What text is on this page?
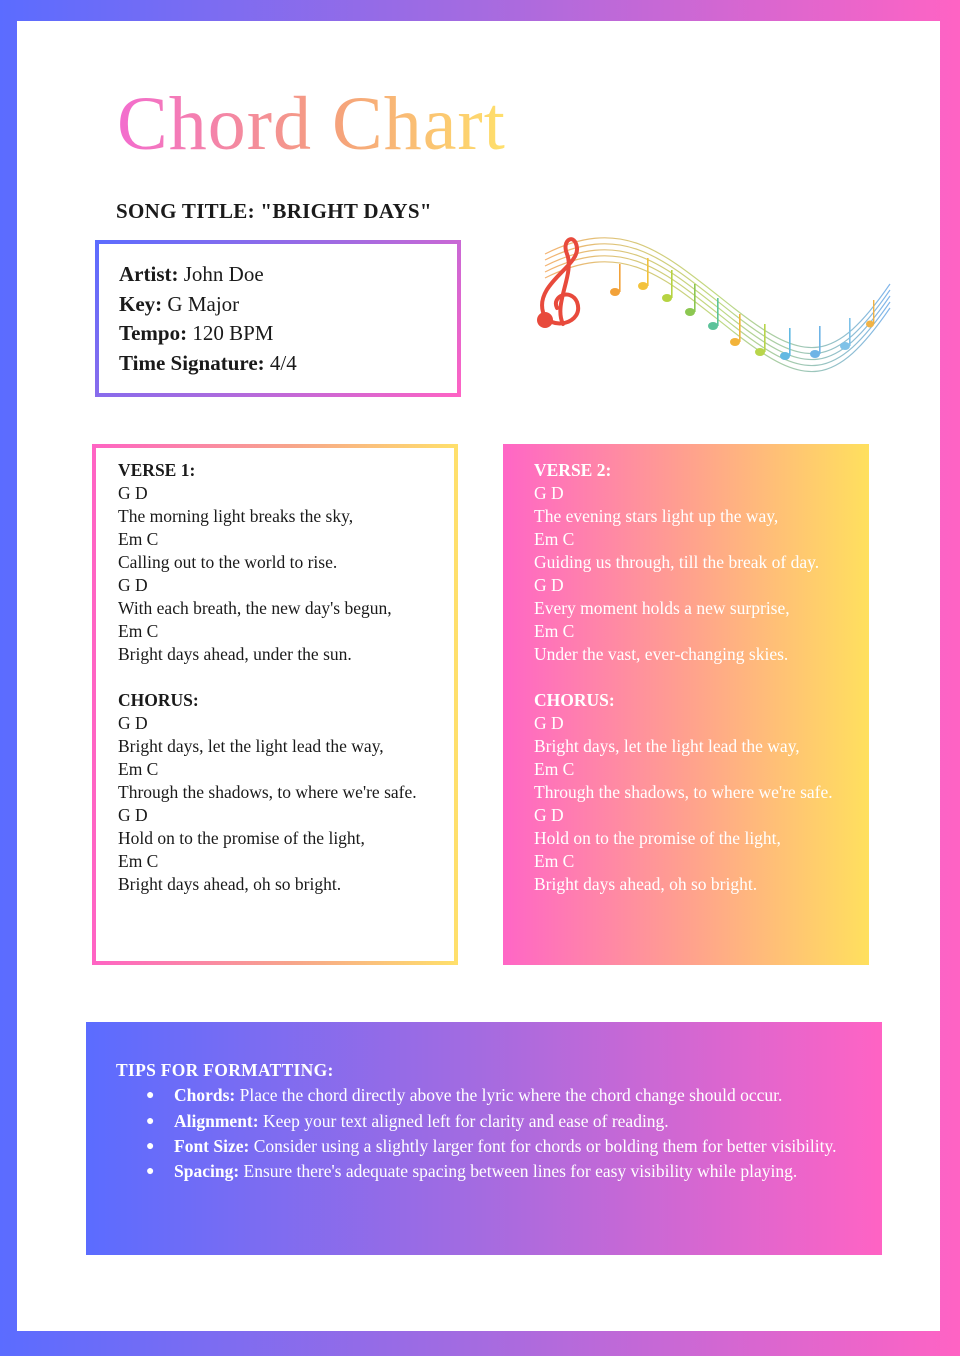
Chord Chart
SONG TITLE: "BRIGHT DAYS"
Artist: John Doe
Key: G Major
Tempo: 120 BPM
Time Signature: 4/4
VERSE 1:
G D
The morning light breaks the sky,
Em C
Calling out to the world to rise.
G D
With each breath, the new day's begun,
Em C
Bright days ahead, under the sun.
CHORUS:
G D
Bright days, let the light lead the way,
Em C
Through the shadows, to where we're safe.
G D
Hold on to the promise of the light,
Em C
Bright days ahead, oh so bright.
VERSE 2:
G D
The evening stars light up the way,
Em C
Guiding us through, till the break of day.
G D
Every moment holds a new surprise,
Em C
Under the vast, ever-changing skies.
CHORUS:
G D
Bright days, let the light lead the way,
Em C
Through the shadows, to where we're safe.
G D
Hold on to the promise of the light,
Em C
Bright days ahead, oh so bright.
TIPS FOR FORMATTING:
● Chords: Place the chord directly above the lyric where the chord change should occur.
● Alignment: Keep your text aligned left for clarity and ease of reading.
● Font Size: Consider using a slightly larger font for chords or bolding them for better visibility.
● Spacing: Ensure there's adequate spacing between lines for easy visibility while playing.
